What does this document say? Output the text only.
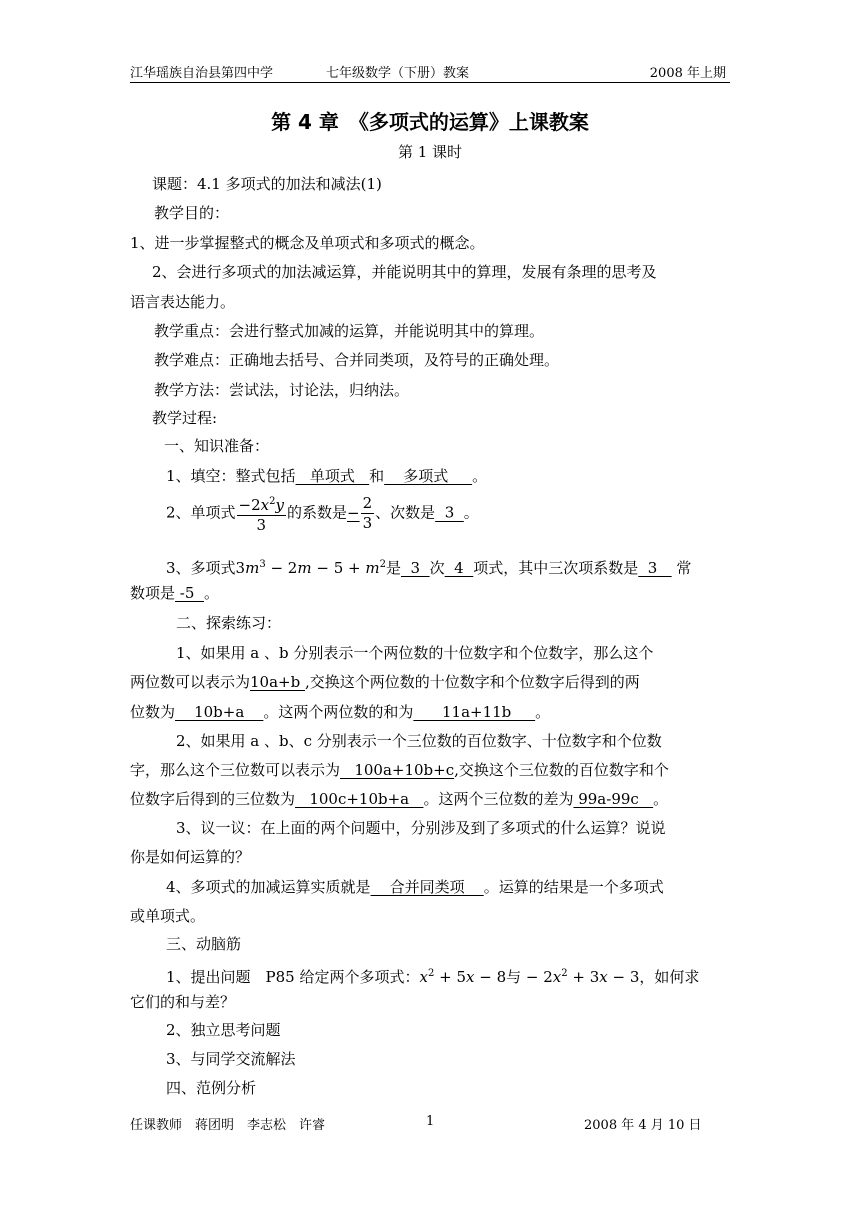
江华瑶族自治县第四中学	七年级数学（下册）教案	2008 年上期
第 4 章　《多项式的运算》上课教案
第 1 课时
课题：4.1 多项式的加法和减法(1)
教学目的：
1、进一步掌握整式的概念及单项式和多项式的概念。
2、会进行多项式的加法减运算，并能说明其中的算理，发展有条理的思考及
语言表达能力。
教学重点：会进行整式加减的运算，并能说明其中的算理。
教学难点：正确地去括号、合并同类项，及符号的正确处理。
教学方法：尝试法，讨论法，归纳法。
教学过程:
一、知识准备：
1、填空：整式包括   单项式   和    多项式     。
2、单项式 $\frac{-2x^2y}{3}$ 的系数是− $\frac{2}{3}$ 、次数是  3  。
3、多项式$3m^3 - 2m - 5 + m^2$是  3  次  4  项式，其中三次项系数是  3    常
数项是 -5  。
二、探索练习：
1、如果用 a 、b 分别表示一个两位数的十位数字和个位数字，那么这个
两位数可以表示为10a+b ,交换这个两位数的十位数字和个位数字后得到的两
位数为    10b+a    。这两个两位数的和为      11a+11b     。
2、如果用 a 、b、c 分别表示一个三位数的百位数字、十位数字和个位数
字，那么这个三位数可以表示为   100a+10b+c,交换这个三位数的百位数字和个
位数字后得到的三位数为   100c+10b+a   。这两个三位数的差为 99a-99c   。
3、议一议：在上面的两个问题中，分别涉及到了多项式的什么运算？说说
你是如何运算的？
4、多项式的加减运算实质就是    合并同类项    。运算的结果是一个多项式
或单项式。
三、动脑筋
1、提出问题　P85 给定两个多项式：$x^2 + 5x - 8$与 − $2x^2 + 3x - 3$，如何求
它们的和与差？
2、独立思考问题
3、与同学交流解法
四、范例分析
任课教师　蒋团明　李志松　许睿	1	2008 年 4 月 10 日
